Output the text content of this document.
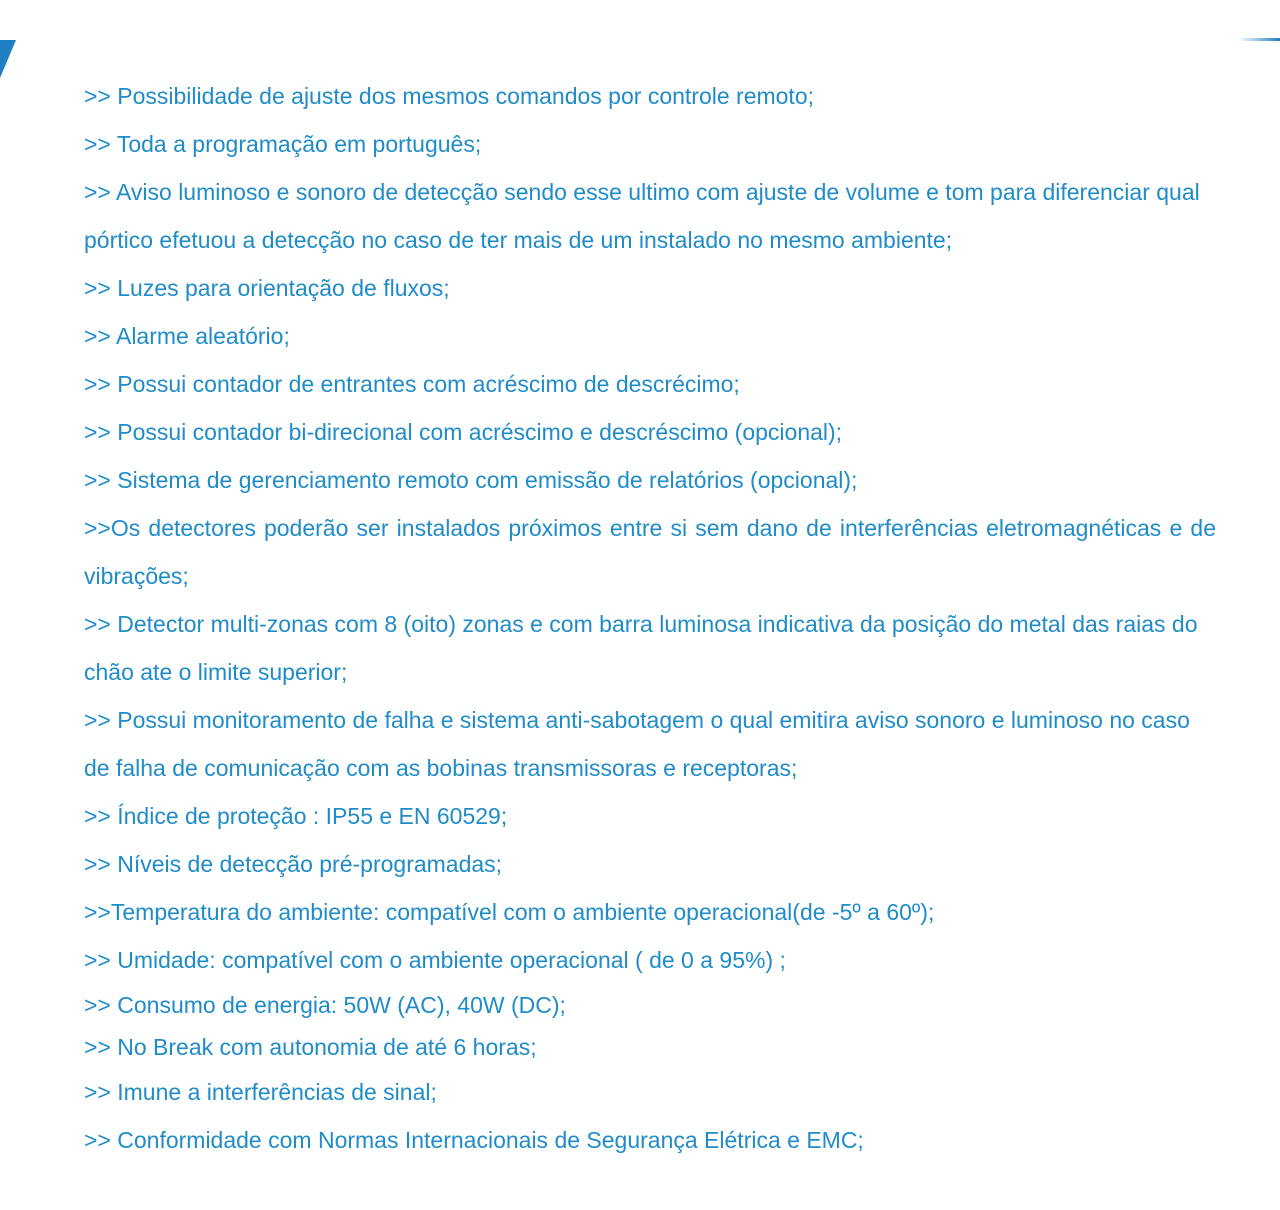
>> Possibilidade de ajuste dos mesmos comandos por controle remoto;
>> Toda a programação em português;
>> Aviso luminoso e sonoro de detecção sendo esse ultimo com ajuste de volume e tom para diferenciar qual pórtico efetuou a detecção no caso de ter mais de um instalado no mesmo ambiente;
>> Luzes para orientação de fluxos;
>> Alarme aleatório;
>> Possui contador de entrantes com acréscimo de descrécimo;
>> Possui contador bi-direcional com acréscimo e descréscimo (opcional);
>> Sistema de gerenciamento remoto com emissão de relatórios (opcional);
>>Os detectores poderão ser instalados próximos entre si sem dano de interferências eletromagnéticas e de vibrações;
>> Detector multi-zonas com 8 (oito) zonas e com barra luminosa indicativa da posição do metal das raias do chão ate o limite superior;
>> Possui monitoramento de falha e sistema anti-sabotagem o qual emitira aviso sonoro e luminoso no caso de falha de comunicação com as bobinas transmissoras e receptoras;
>> Índice de proteção : IP55 e EN 60529;
>> Níveis de detecção pré-programadas;
>>Temperatura do ambiente: compatível com o ambiente operacional(de -5º a 60º);
>> Umidade: compatível com o ambiente operacional ( de 0 a 95%) ;
>> Consumo de energia: 50W (AC), 40W (DC);
>> No Break com autonomia de até 6 horas;
>> Imune a interferências de sinal;
>> Conformidade com Normas Internacionais de Segurança Elétrica e EMC;
